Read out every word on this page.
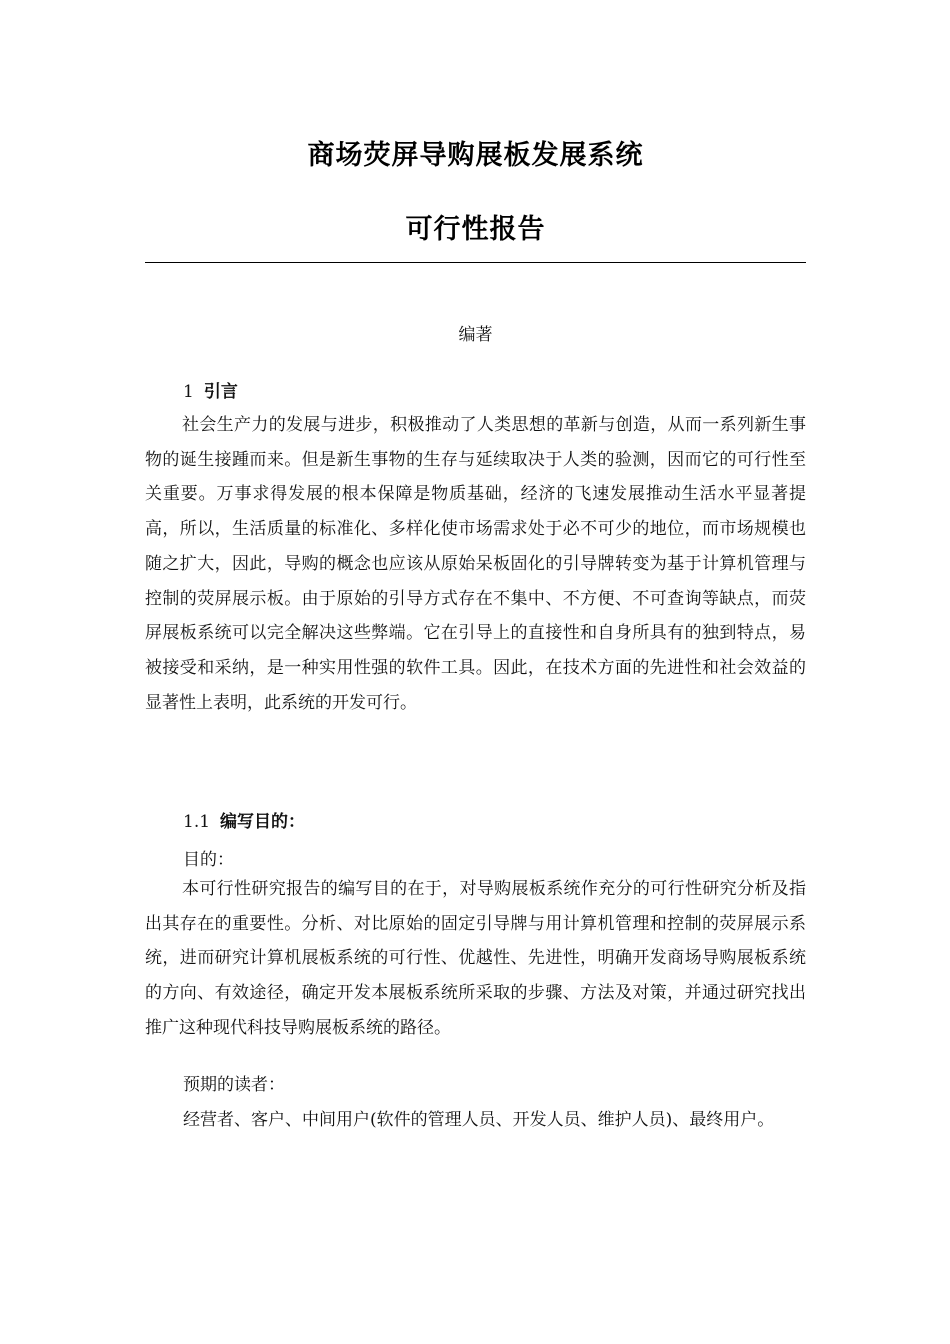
商场荧屏导购展板发展系统
可行性报告
编著
1 引言

社会生产力的发展与进步，积极推动了人类思想的革新与创造，从而一系列新生事物的诞生接踵而来。但是新生事物的生存与延续取决于人类的验测，因而它的可行性至关重要。万事求得发展的根本保障是物质基础，经济的飞速发展推动生活水平显著提高，所以，生活质量的标准化、多样化使市场需求处于必不可少的地位，而市场规模也随之扩大，因此，导购的概念也应该从原始呆板固化的引导牌转变为基于计算机管理与控制的荧屏展示板。由于原始的引导方式存在不集中、不方便、不可查询等缺点，而荧屏展板系统可以完全解决这些弊端。它在引导上的直接性和自身所具有的独到特点，易被接受和采纳，是一种实用性强的软件工具。因此，在技术方面的先进性和社会效益的显著性上表明，此系统的开发可行。

1.1 编写目的：
目的：

本可行性研究报告的编写目的在于，对导购展板系统作充分的可行性研究分析及指出其存在的重要性。分析、对比原始的固定引导牌与用计算机管理和控制的荧屏展示系统，进而研究计算机展板系统的可行性、优越性、先进性，明确开发商场导购展板系统的方向、有效途径，确定开发本展板系统所采取的步骤、方法及对策，并通过研究找出推广这种现代科技导购展板系统的路径。

预期的读者：
经营者、客户、中间用户(软件的管理人员、开发人员、维护人员)、最终用户。
